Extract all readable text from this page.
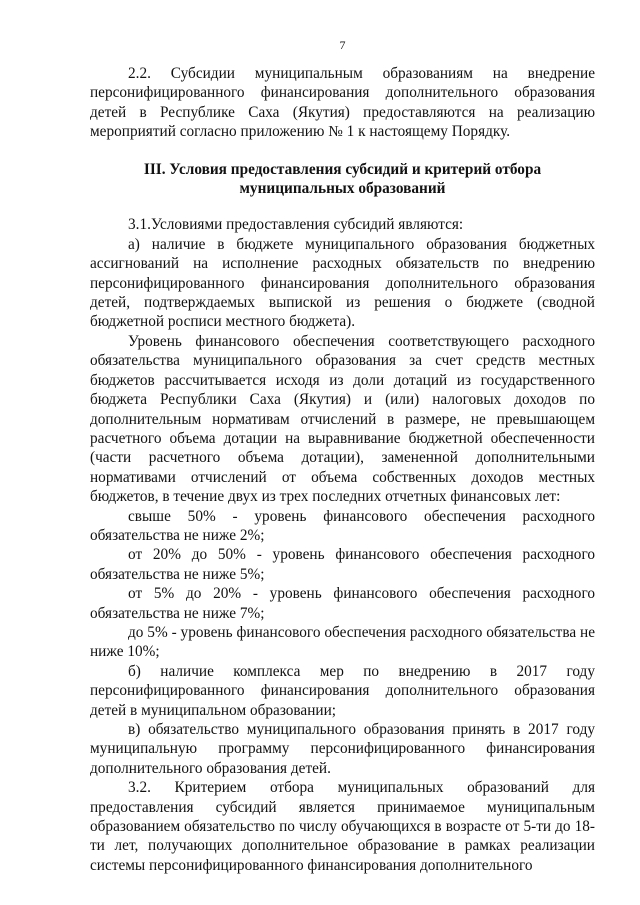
7

2.2. Субсидии муниципальным образованиям на внедрение персонифицированного финансирования дополнительного образования детей в Республике Саха (Якутия) предоставляются на реализацию мероприятий согласно приложению № 1 к настоящему Порядку.

III. Условия предоставления субсидий и критерий отбора муниципальных образований

3.1.Условиями предоставления субсидий являются:

а) наличие в бюджете муниципального образования бюджетных ассигнований на исполнение расходных обязательств по внедрению персонифицированного финансирования дополнительного образования детей, подтверждаемых выпиской из решения о бюджете (сводной бюджетной росписи местного бюджета).

Уровень финансового обеспечения соответствующего расходного обязательства муниципального образования за счет средств местных бюджетов рассчитывается исходя из доли дотаций из государственного бюджета Республики Саха (Якутия) и (или) налоговых доходов по дополнительным нормативам отчислений в размере, не превышающем расчетного объема дотации на выравнивание бюджетной обеспеченности (части расчетного объема дотации), замененной дополнительными нормативами отчислений от объема собственных доходов местных бюджетов, в течение двух из трех последних отчетных финансовых лет:

свыше 50% - уровень финансового обеспечения расходного обязательства не ниже 2%;

от 20% до 50% - уровень финансового обеспечения расходного обязательства не ниже 5%;

от 5% до 20% - уровень финансового обеспечения расходного обязательства не ниже 7%;

до 5% - уровень финансового обеспечения расходного обязательства не ниже 10%;

б) наличие комплекса мер по внедрению в 2017 году персонифицированного финансирования дополнительного образования детей в муниципальном образовании;

в) обязательство муниципального образования принять в 2017 году муниципальную программу персонифицированного финансирования дополнительного образования детей.

3.2. Критерием отбора муниципальных образований для предоставления субсидий является принимаемое муниципальным образованием обязательство по числу обучающихся в возрасте от 5-ти до 18-ти лет, получающих дополнительное образование в рамках реализации системы персонифицированного финансирования дополнительного
